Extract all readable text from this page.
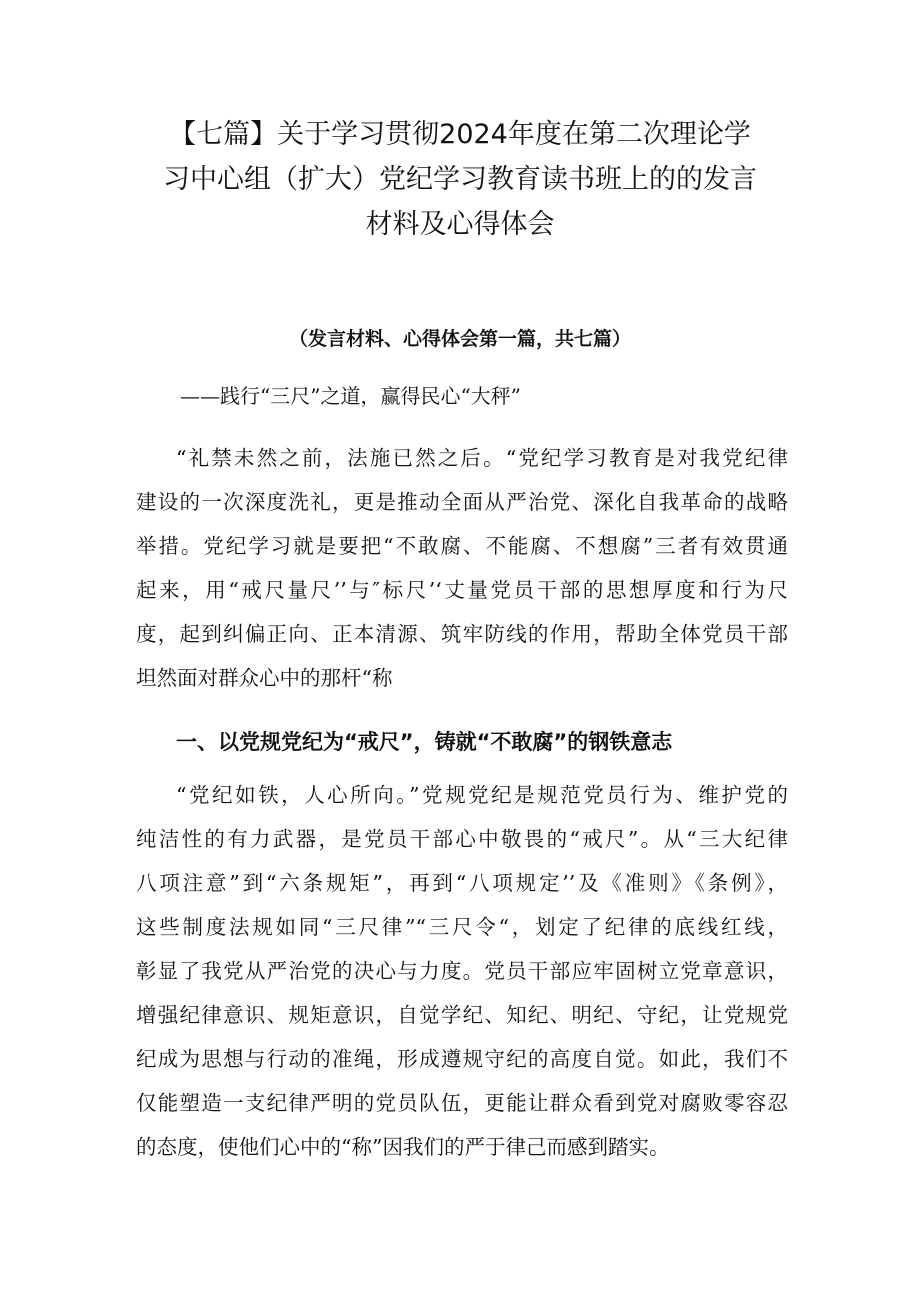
【七篇】关于学习贯彻2024年度在第二次理论学
习中心组（扩大）党纪学习教育读书班上的的发言
材料及心得体会

（发言材料、心得体会第一篇，共七篇）

——践行“三尺”之道，赢得民心“大秤”

“礼禁未然之前，法施已然之后。“党纪学习教育是对我党纪律
建设的一次深度洗礼，更是推动全面从严治党、深化自我革命的战略
举措。党纪学习就是要把“不敢腐、不能腐、不想腐”三者有效贯通
起来，用“戒尺量尺’’与″标尺’‘丈量党员干部的思想厚度和行为尺
度，起到纠偏正向、正本清源、筑牢防线的作用，帮助全体党员干部
坦然面对群众心中的那杆“称

一、以党规党纪为“戒尺”，铸就“不敢腐”的钢铁意志

“党纪如铁，人心所向。”党规党纪是规范党员行为、维护党的
纯洁性的有力武器，是党员干部心中敬畏的“戒尺”。从“三大纪律
八项注意”到“六条规矩”，再到“八项规定’’及《准则》《条例》，
这些制度法规如同“三尺律”“三尺令“，划定了纪律的底线红线，
彰显了我党从严治党的决心与力度。党员干部应牢固树立党章意识，
增强纪律意识、规矩意识，自觉学纪、知纪、明纪、守纪，让党规党
纪成为思想与行动的准绳，形成遵规守纪的高度自觉。如此，我们不
仅能塑造一支纪律严明的党员队伍，更能让群众看到党对腐败零容忍
的态度，使他们心中的“称”因我们的严于律己而感到踏实。
